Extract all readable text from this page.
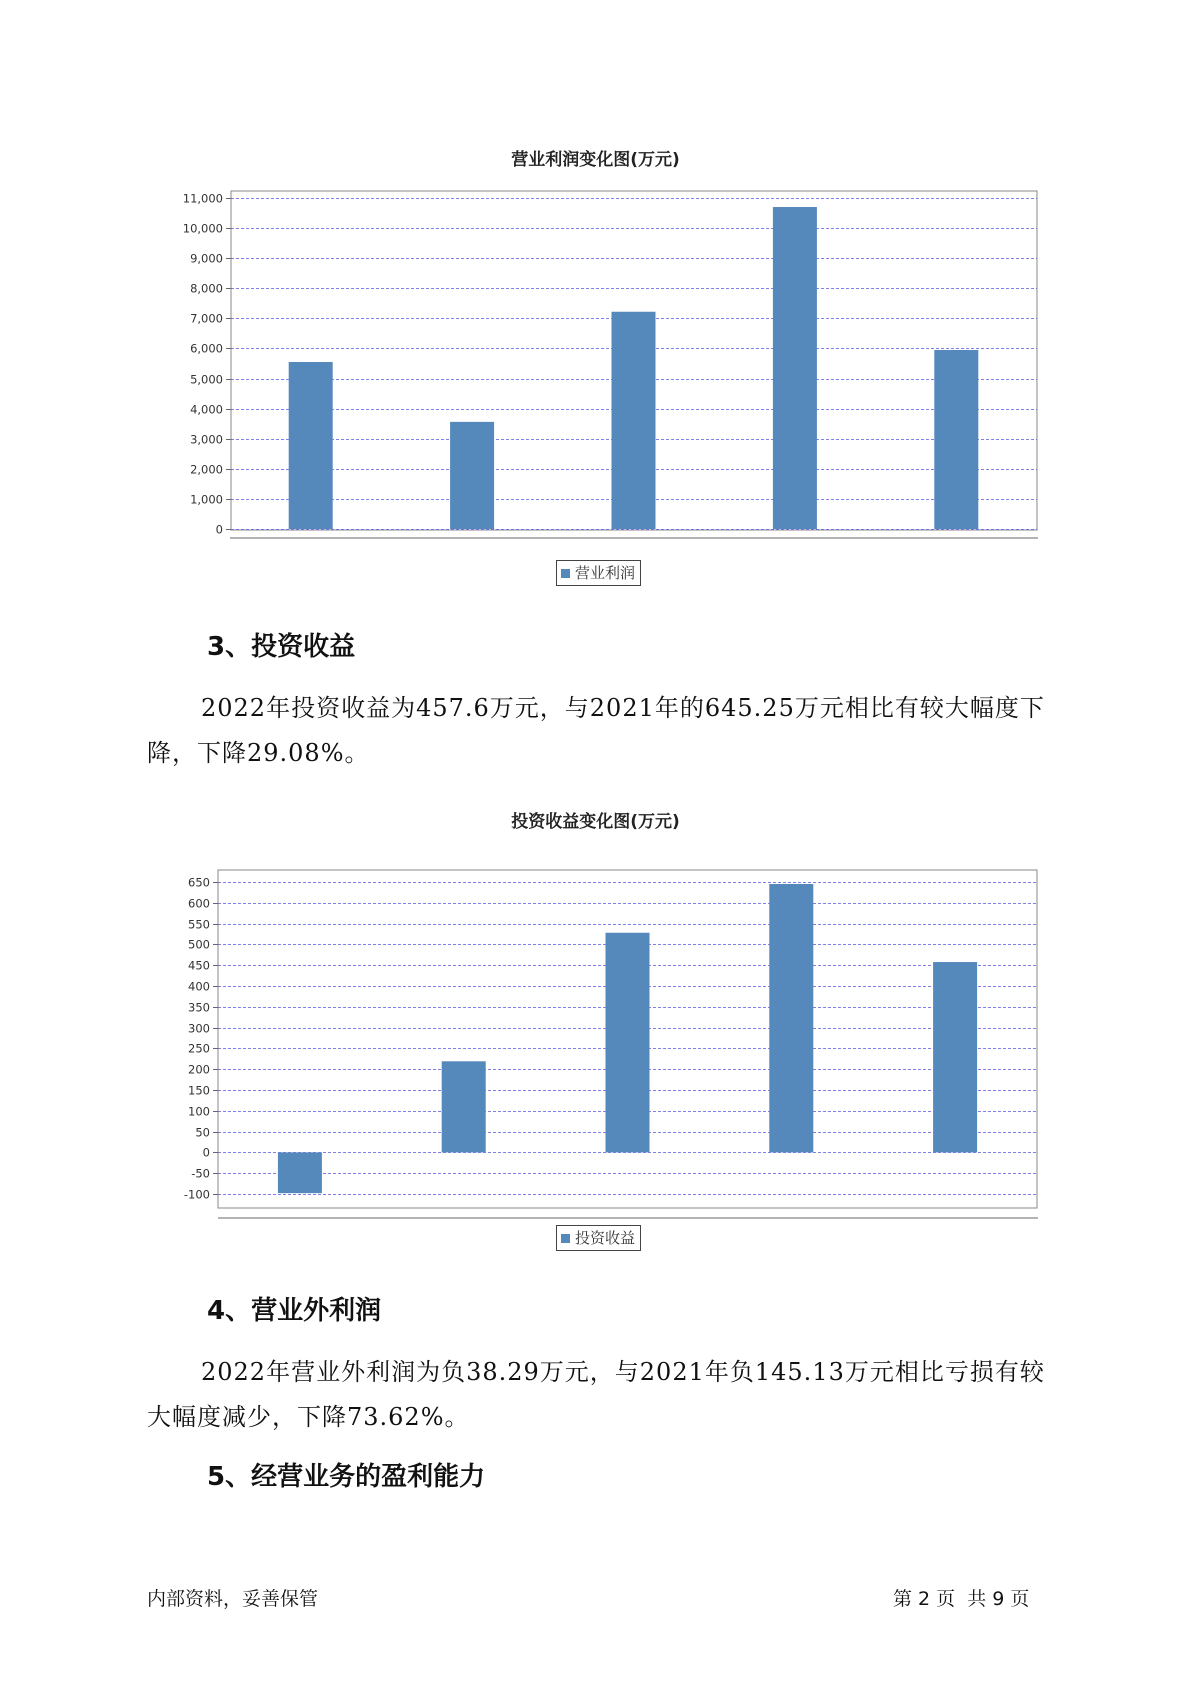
营业利润变化图(万元)
0
1,000
2,000
3,000
4,000
5,000
6,000
7,000
8,000
9,000
10,000
11,000
营业利润
3、投资收益

2022年投资收益为457.6万元，与2021年的645.25万元相比有较大幅度下降，下降29.08%。

投资收益变化图(万元)
-100
-50
0
50
100
150
200
250
300
350
400
450
500
550
600
650
投资收益
4、营业外利润

2022年营业外利润为负38.29万元，与2021年负145.13万元相比亏损有较大幅度减少，下降73.62%。

5、经营业务的盈利能力
内部资料，妥善保管	第 2 页  共 9 页
